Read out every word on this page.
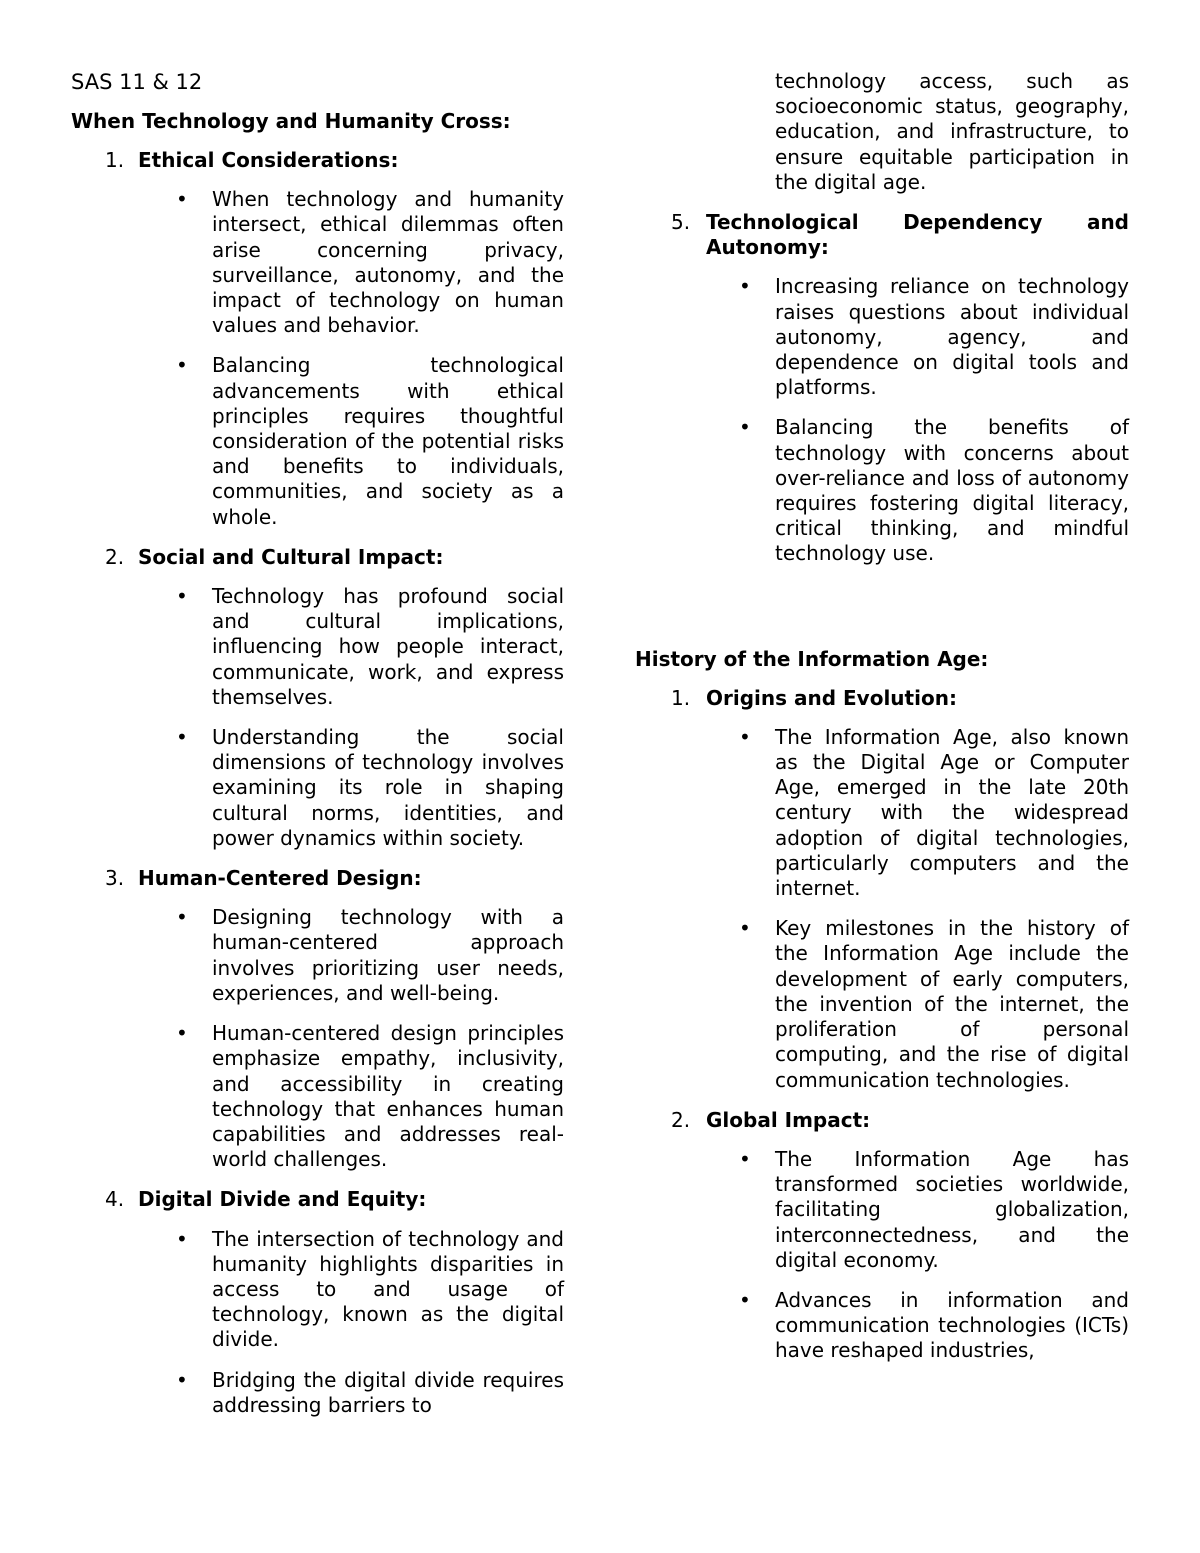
SAS 11 & 12

When Technology and Humanity Cross:

1. Ethical Considerations:
•
When technology and humanity intersect, ethical dilemmas often arise concerning privacy, surveillance, autonomy, and the impact of technology on human values and behavior.
•
Balancing technological advancements with ethical principles requires thoughtful consideration of the potential risks and benefits to individuals, communities, and society as a whole.
2. Social and Cultural Impact:
•
Technology has profound social and cultural implications, influencing how people interact, communicate, work, and express themselves.
•
Understanding the social dimensions of technology involves examining its role in shaping cultural norms, identities, and power dynamics within society.
3. Human-Centered Design:
•
Designing technology with a human-centered approach involves prioritizing user needs, experiences, and well-being.
•
Human-centered design principles emphasize empathy, inclusivity, and accessibility in creating technology that enhances human capabilities and addresses real-world challenges.
4. Digital Divide and Equity:
•
The intersection of technology and humanity highlights disparities in access to and usage of technology, known as the digital divide.
•
Bridging the digital divide requires addressing barriers to
technology access, such as socioeconomic status, geography, education, and infrastructure, to ensure equitable participation in the digital age.
5. Technological Dependency and Autonomy:
•
Increasing reliance on technology raises questions about individual autonomy, agency, and dependence on digital tools and platforms.
•
Balancing the benefits of technology with concerns about over-reliance and loss of autonomy requires fostering digital literacy, critical thinking, and mindful technology use.

History of the Information Age:

1. Origins and Evolution:
•
The Information Age, also known as the Digital Age or Computer Age, emerged in the late 20th century with the widespread adoption of digital technologies, particularly computers and the internet.
•
Key milestones in the history of the Information Age include the development of early computers, the invention of the internet, the proliferation of personal computing, and the rise of digital communication technologies.
2. Global Impact:
•
The Information Age has transformed societies worldwide, facilitating globalization, interconnectedness, and the digital economy.
•
Advances in information and communication technologies (ICTs) have reshaped industries,
